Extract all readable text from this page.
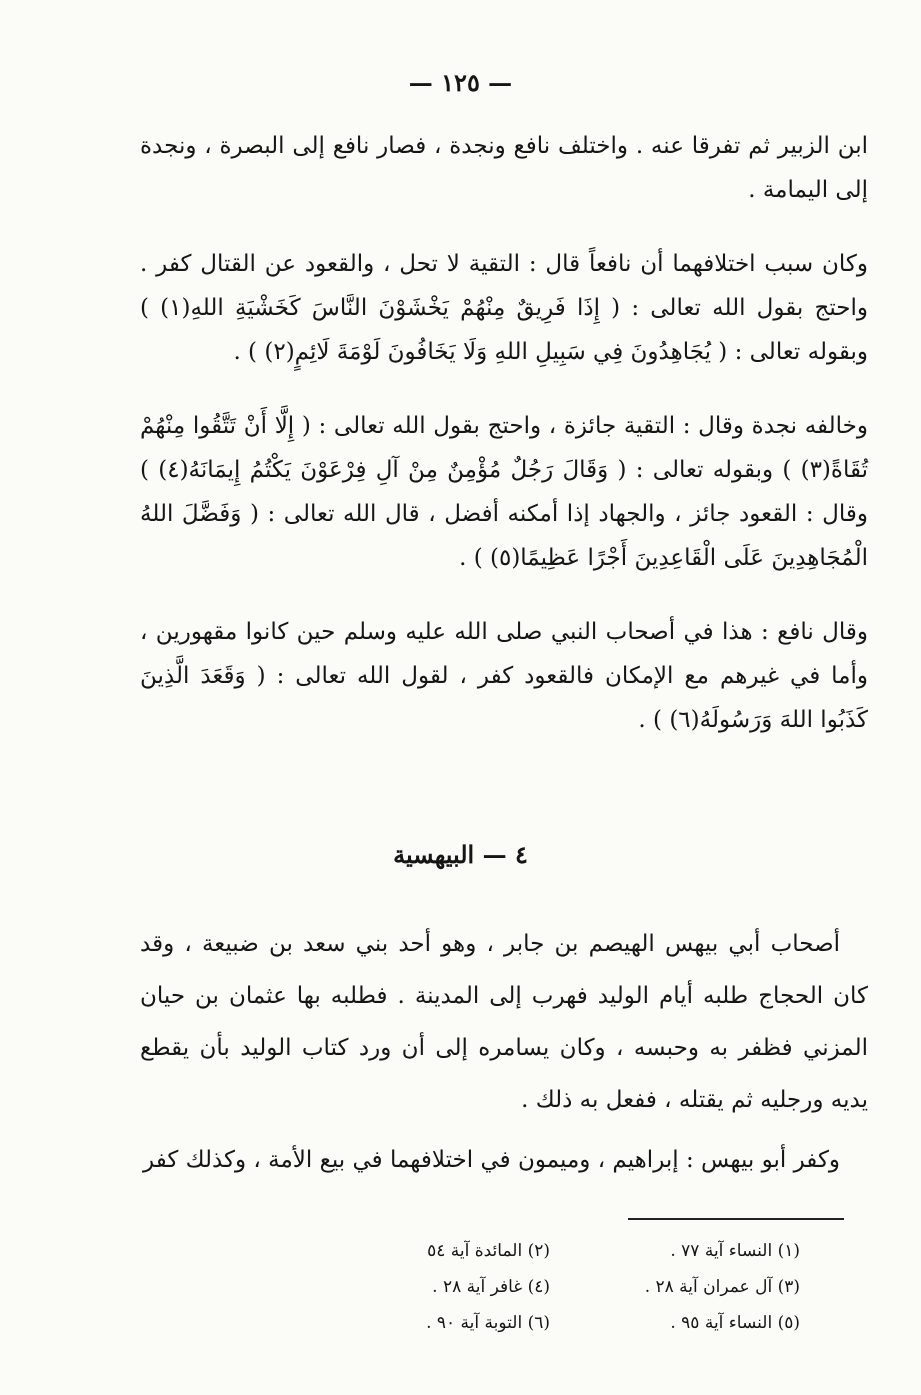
— ١٢٥ —

ابن الزبير ثم تفرقا عنه . واختلف نافع ونجدة ، فصار نافع إلى البصرة ، ونجدة إلى اليمامة .

وكان سبب اختلافهما أن نافعاً قال : التقية لا تحل ، والقعود عن القتال كفر . واحتج بقول الله تعالى : ( إِذَا فَرِيقٌ مِنْهُمْ يَخْشَوْنَ النَّاسَ كَخَشْيَةِ اللهِ(١) ) وبقوله تعالى : ( يُجَاهِدُونَ فِي سَبِيلِ اللهِ وَلَا يَخَافُونَ لَوْمَةَ لَائِمٍ(٢) ) .

وخالفه نجدة وقال : التقية جائزة ، واحتج بقول الله تعالى : ( إِلَّا أَنْ تَتَّقُوا مِنْهُمْ تُقَاةً(٣) ) وبقوله تعالى : ( وَقَالَ رَجُلٌ مُؤْمِنٌ مِنْ آلِ فِرْعَوْنَ يَكْتُمُ إِيمَانَهُ(٤) ) وقال : القعود جائز ، والجهاد إذا أمكنه أفضل ، قال الله تعالى : ( وَفَضَّلَ اللهُ الْمُجَاهِدِينَ عَلَى الْقَاعِدِينَ أَجْرًا عَظِيمًا(٥) ) .

وقال نافع : هذا في أصحاب النبي صلى الله عليه وسلم حين كانوا مقهورين ، وأما في غيرهم مع الإمكان فالقعود كفر ، لقول الله تعالى : ( وَقَعَدَ الَّذِينَ كَذَبُوا اللهَ وَرَسُولَهُ(٦) ) .

٤ — البيهسية

أصحاب أبي بيهس الهيصم بن جابر ، وهو أحد بني سعد بن ضبيعة ، وقد كان الحجاج طلبه أيام الوليد فهرب إلى المدينة . فطلبه بها عثمان بن حيان المزني فظفر به وحبسه ، وكان يسامره إلى أن ورد كتاب الوليد بأن يقطع يديه ورجليه ثم يقتله ، ففعل به ذلك .

وكفر أبو بيهس : إبراهيم ، وميمون في اختلافهما في بيع الأمة ، وكذلك كفر

(١) النساء آية ٧٧ .
(٢) المائدة آية ٥٤
(٣) آل عمران آية ٢٨ .
(٤) غافر آية ٢٨ .
(٥) النساء آية ٩٥ .
(٦) التوبة آية ٩٠ .
